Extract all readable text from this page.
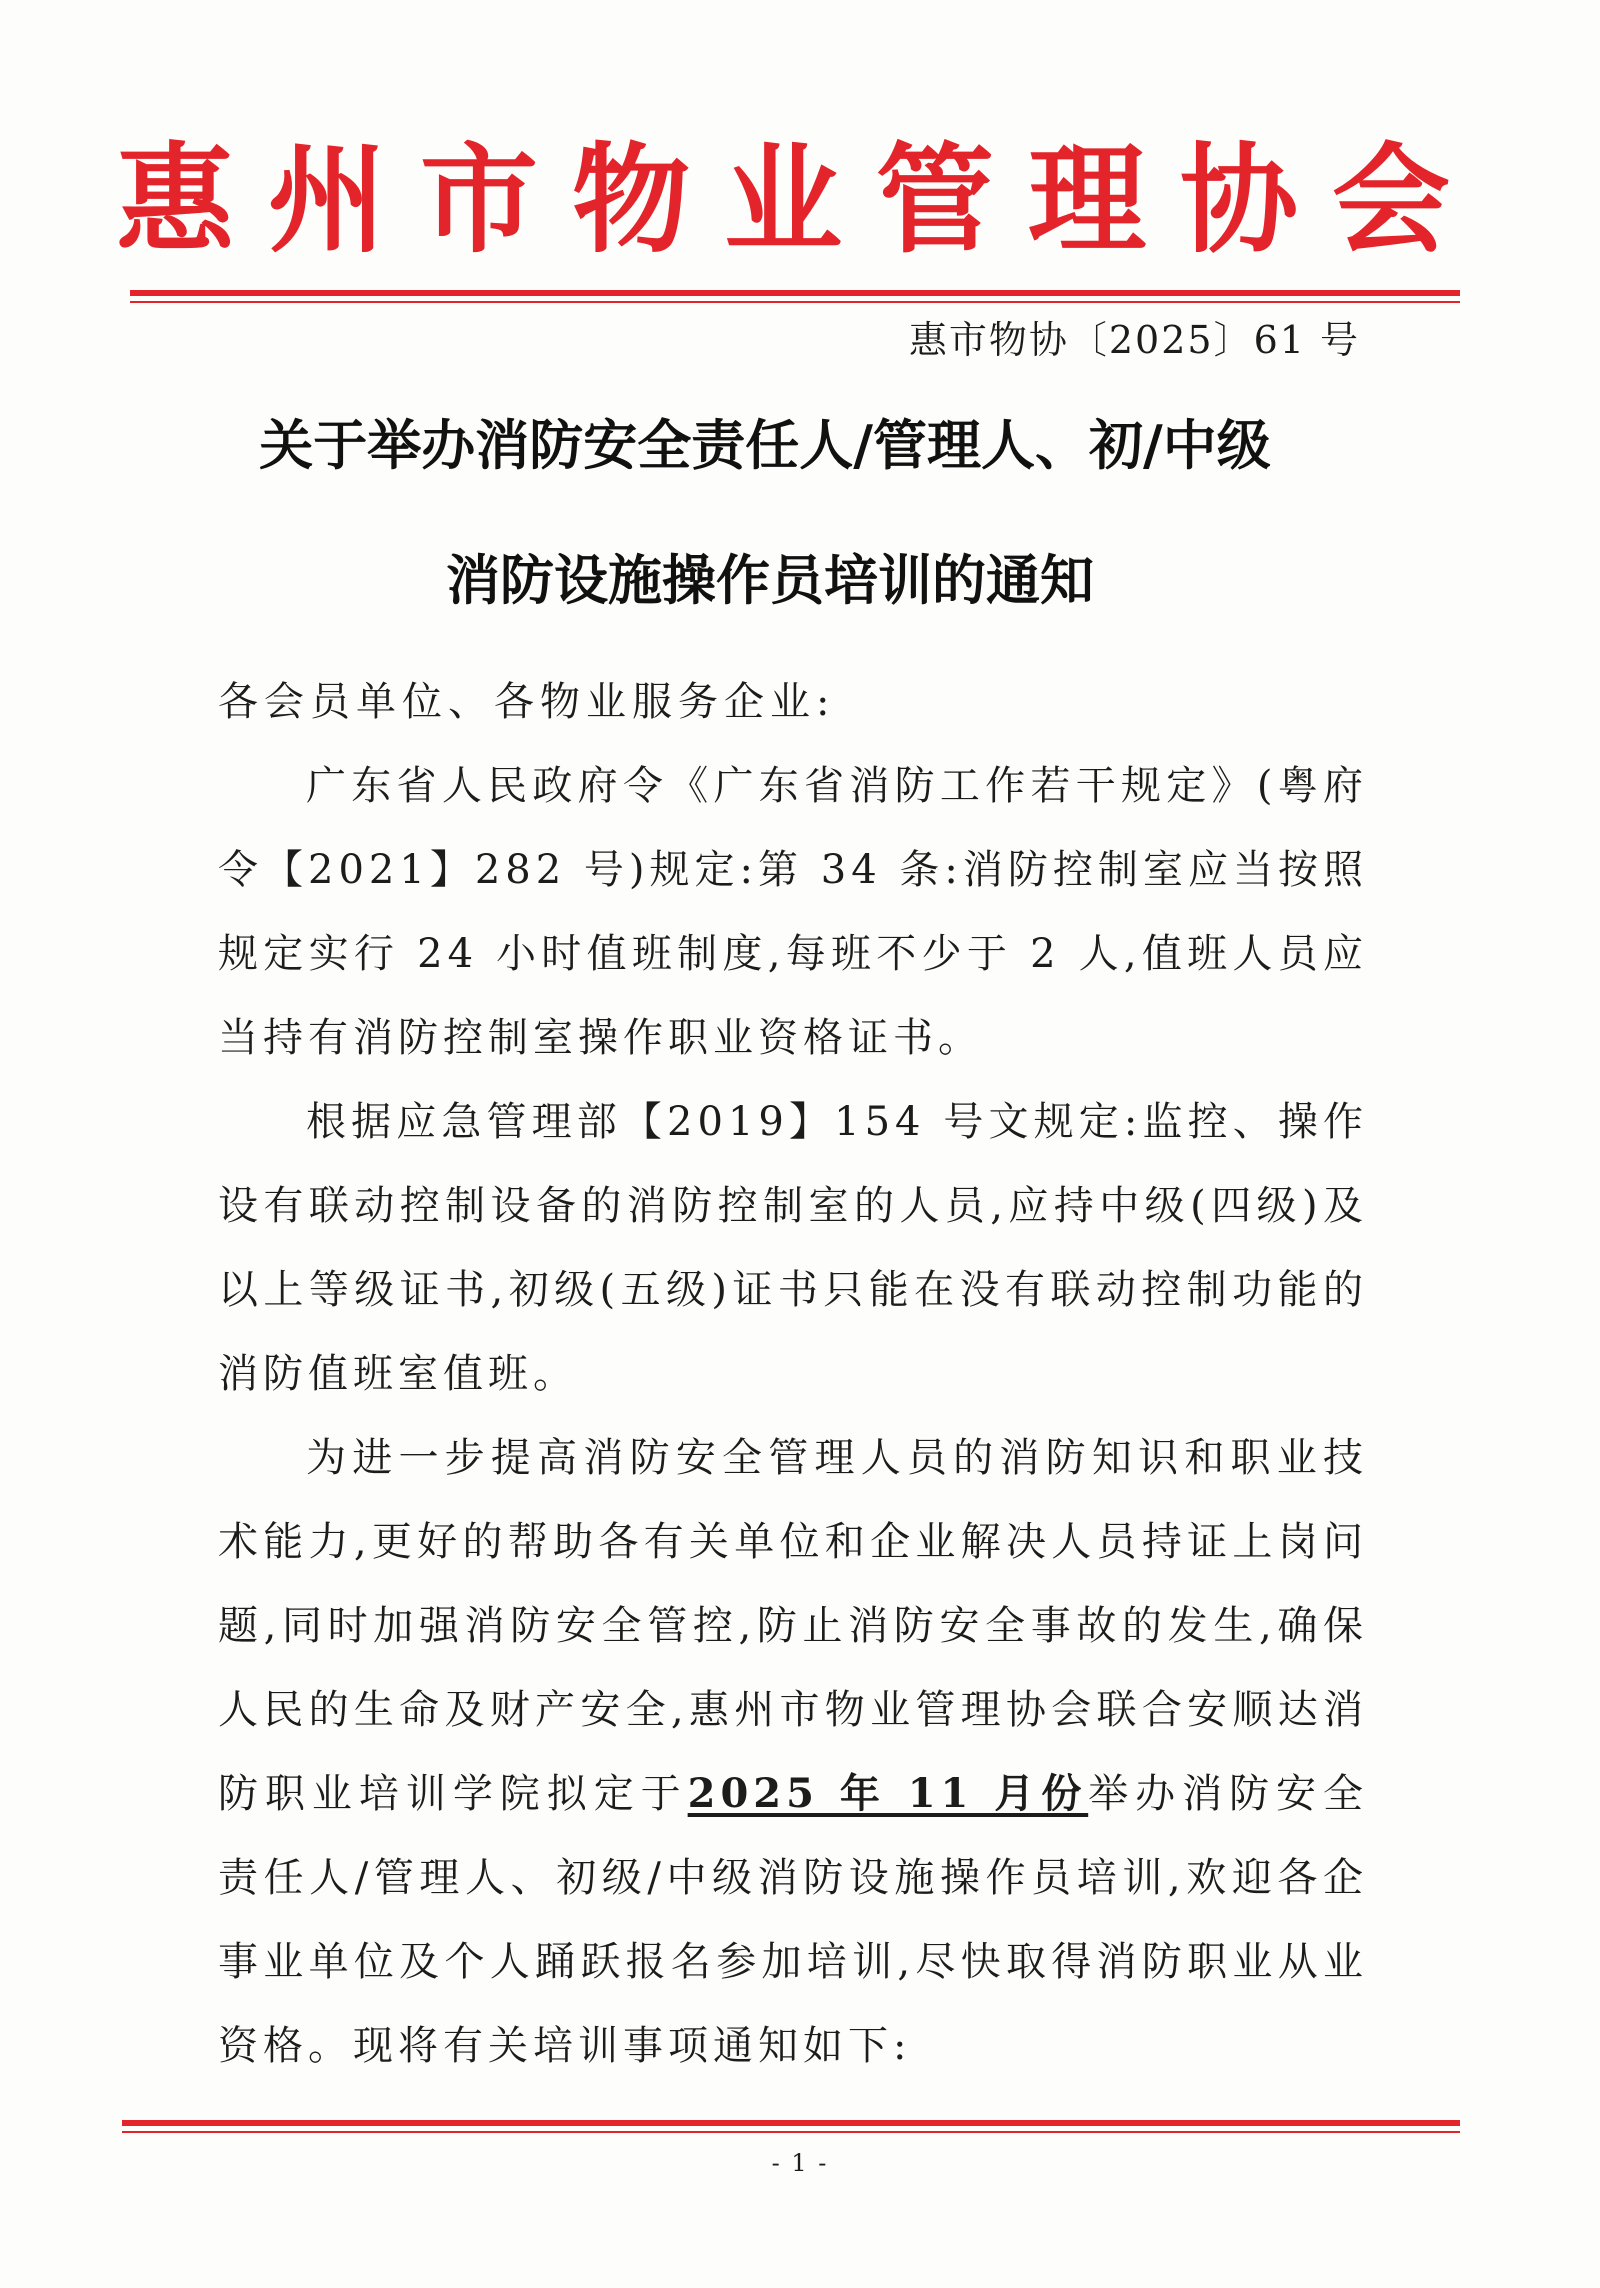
惠州市物业管理协会
惠市物协〔2025〕61 号
关于举办消防安全责任人/管理人、初/中级
消防设施操作员培训的通知

各会员单位、各物业服务企业:

广东省人民政府令《广东省消防工作若干规定》(粤府令【2021】282 号)规定:第 34 条:消防控制室应当按照规定实行 24 小时值班制度,每班不少于 2 人,值班人员应当持有消防控制室操作职业资格证书。

根据应急管理部【2019】154 号文规定:监控、操作设有联动控制设备的消防控制室的人员,应持中级(四级)及以上等级证书,初级(五级)证书只能在没有联动控制功能的消防值班室值班。

为进一步提高消防安全管理人员的消防知识和职业技术能力,更好的帮助各有关单位和企业解决人员持证上岗问题,同时加强消防安全管控,防止消防安全事故的发生,确保人民的生命及财产安全,惠州市物业管理协会联合安顺达消防职业培训学院拟定于2025 年 11 月份举办消防安全责任人/管理人、初级/中级消防设施操作员培训,欢迎各企事业单位及个人踊跃报名参加培训,尽快取得消防职业从业资格。现将有关培训事项通知如下:

- 1 -
